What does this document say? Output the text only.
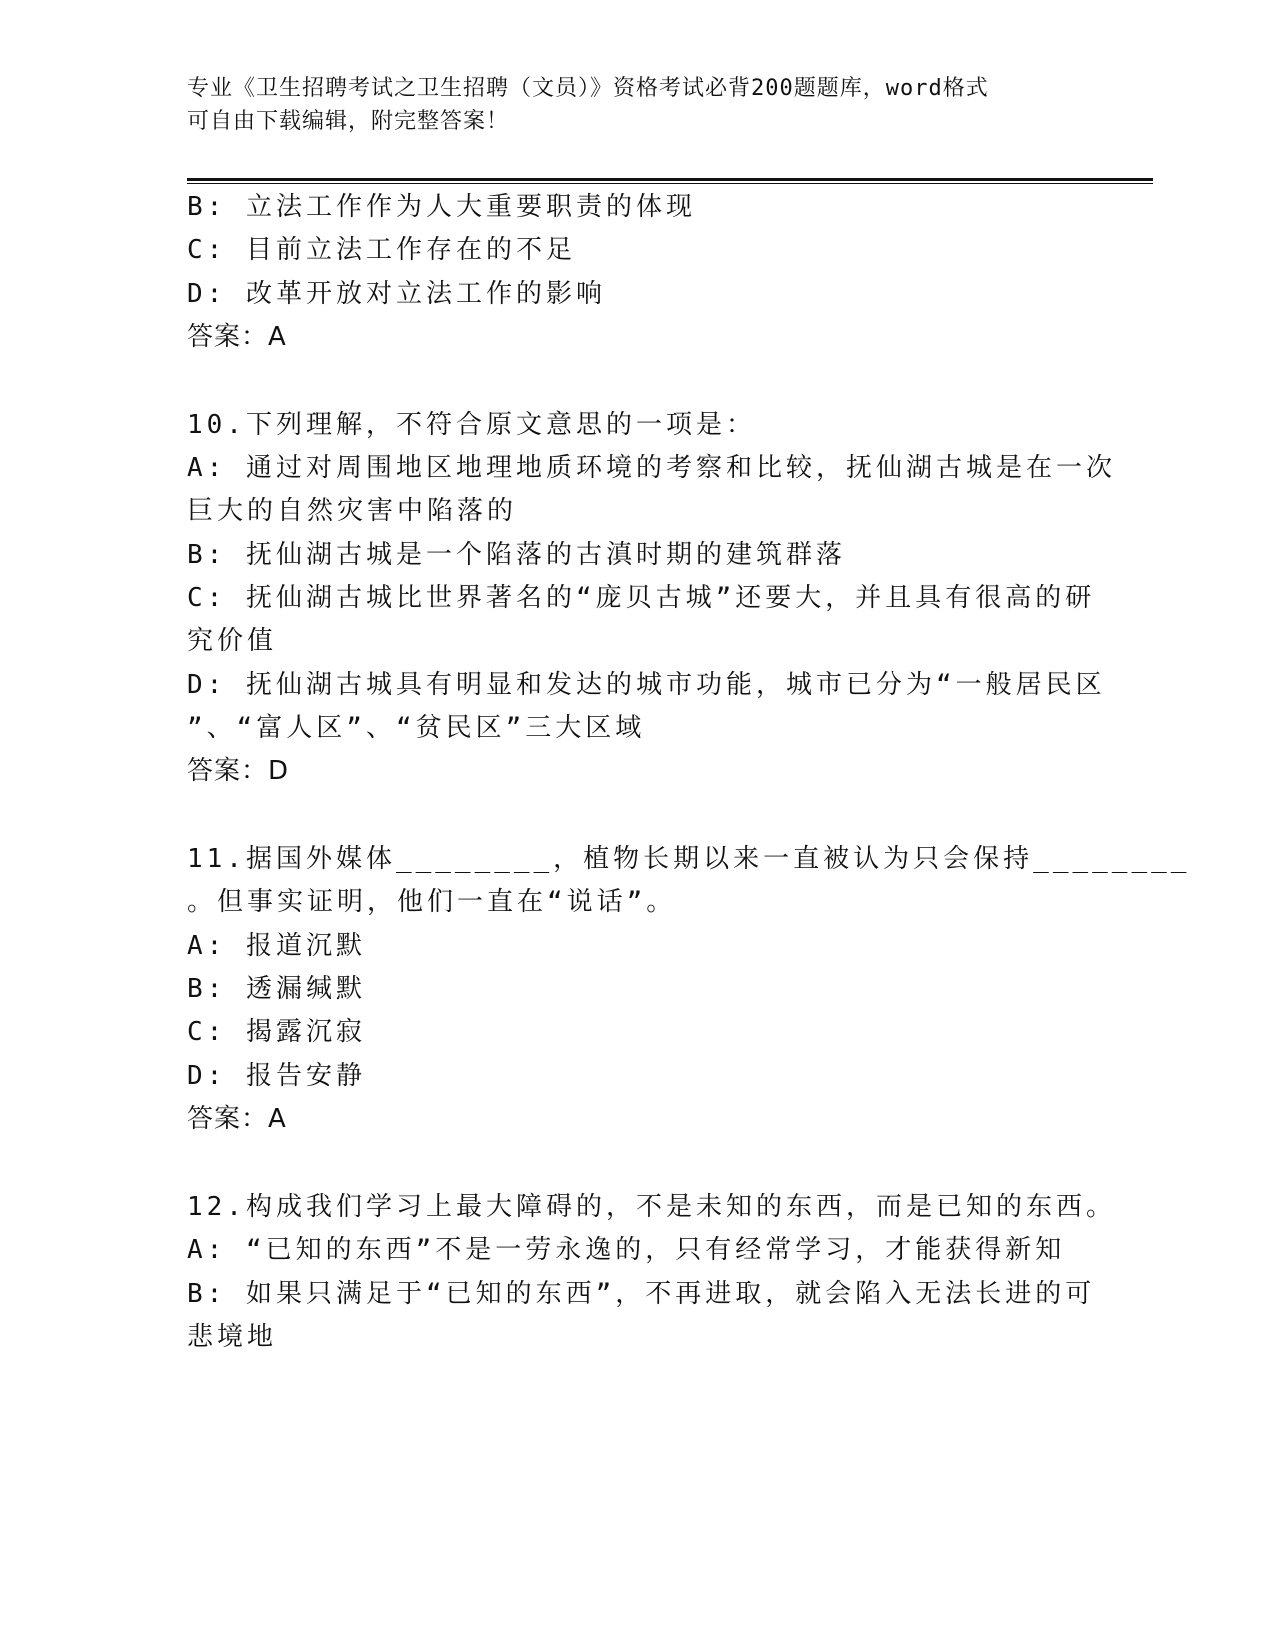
专业《卫生招聘考试之卫生招聘（文员）》资格考试必背200题题库，word格式
可自由下载编辑，附完整答案！
B: 立法工作作为人大重要职责的体现
C: 目前立法工作存在的不足
D: 改革开放对立法工作的影响
答案：A
10.下列理解，不符合原文意思的一项是：
A: 通过对周围地区地理地质环境的考察和比较，抚仙湖古城是在一次
巨大的自然灾害中陷落的
B: 抚仙湖古城是一个陷落的古滇时期的建筑群落
C: 抚仙湖古城比世界著名的“庞贝古城”还要大，并且具有很高的研
究价值
D: 抚仙湖古城具有明显和发达的城市功能，城市已分为“一般居民区
”、“富人区”、“贫民区”三大区域
答案：D
11.据国外媒体________，植物长期以来一直被认为只会保持________
。但事实证明，他们一直在“说话”。
A: 报道沉默
B: 透漏缄默
C: 揭露沉寂
D: 报告安静
答案：A
12.构成我们学习上最大障碍的，不是未知的东西，而是已知的东西。
A: “已知的东西”不是一劳永逸的，只有经常学习，才能获得新知
B: 如果只满足于“已知的东西”，不再进取，就会陷入无法长进的可
悲境地
